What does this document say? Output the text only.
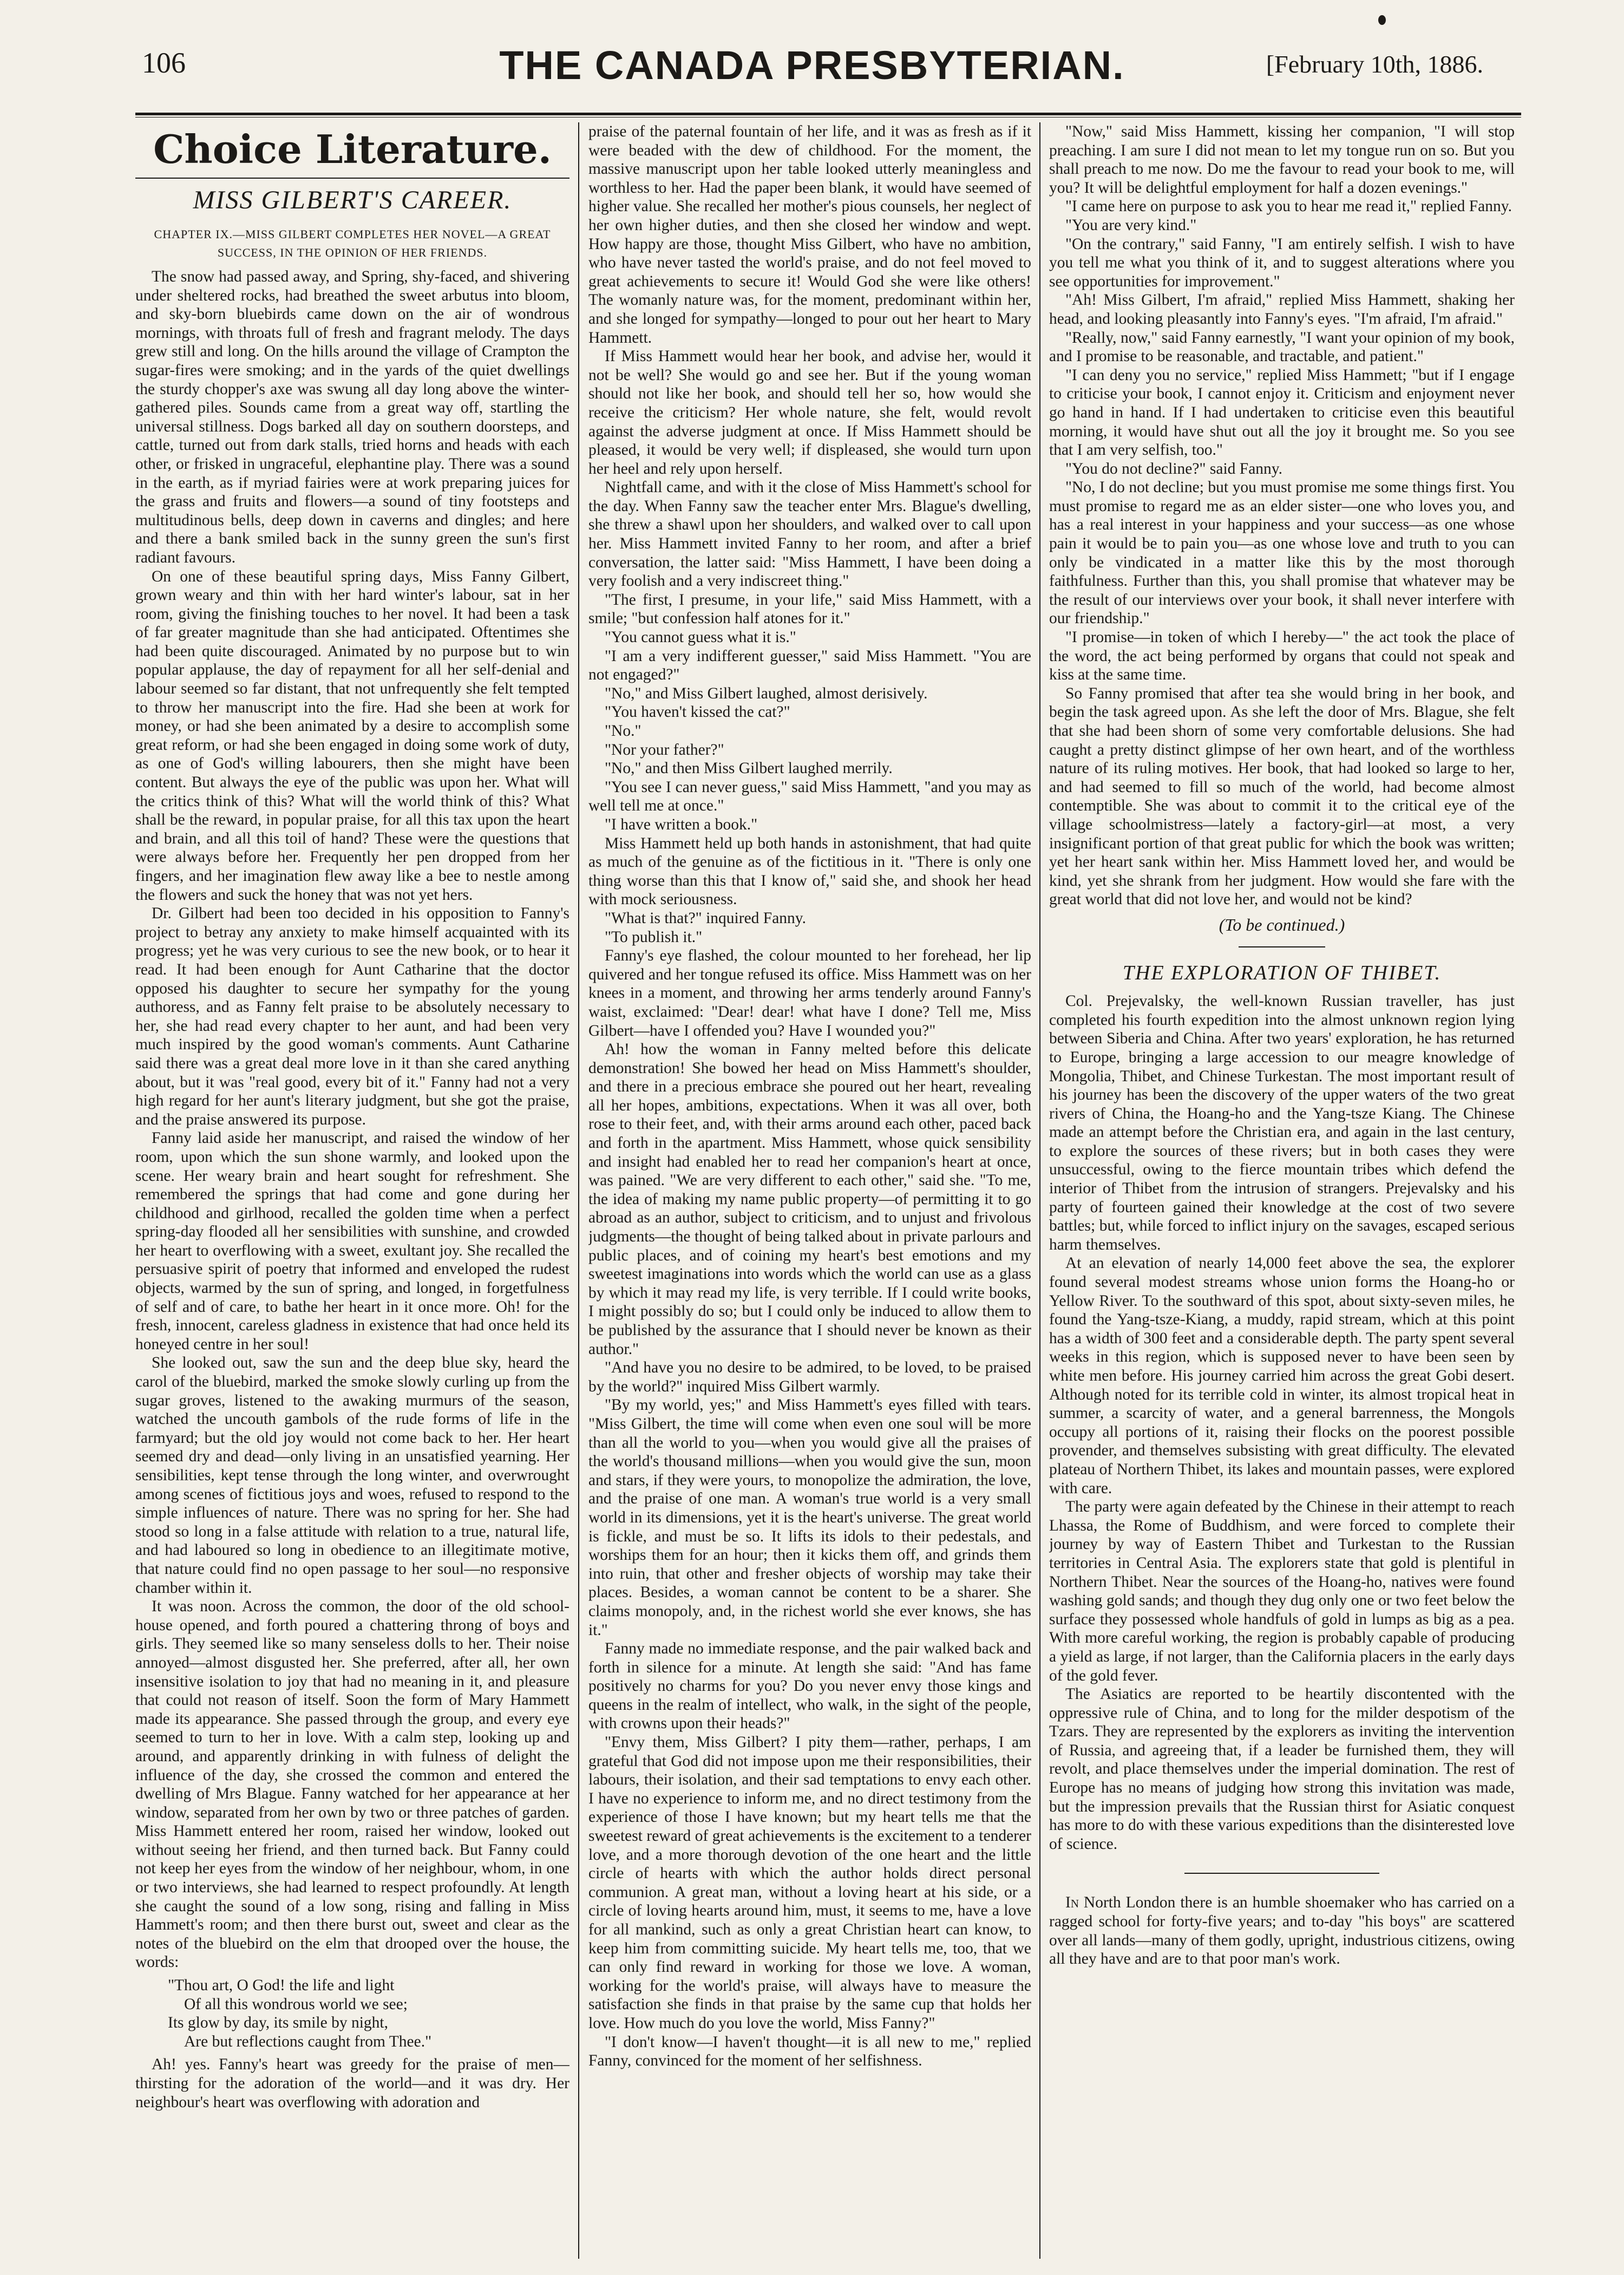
106	THE CANADA PRESBYTERIAN.	[February 10th, 1886.
Choice Literature.
MISS GILBERT'S CAREER.
CHAPTER IX.—MISS GILBERT COMPLETES HER NOVEL—A GREAT SUCCESS, IN THE OPINION OF HER FRIENDS.

The snow had passed away, and Spring, shy-faced, and shivering under sheltered rocks, had breathed the sweet arbutus into bloom, and sky-born bluebirds came down on the air of wondrous mornings, with throats full of fresh and fragrant melody. The days grew still and long. On the hills around the village of Crampton the sugar-fires were smoking; and in the yards of the quiet dwellings the sturdy chopper's axe was swung all day long above the winter-gathered piles. Sounds came from a great way off, startling the universal stillness. Dogs barked all day on southern doorsteps, and cattle, turned out from dark stalls, tried horns and heads with each other, or frisked in ungraceful, elephantine play. There was a sound in the earth, as if myriad fairies were at work preparing juices for the grass and fruits and flowers—a sound of tiny footsteps and multitudinous bells, deep down in caverns and dingles; and here and there a bank smiled back in the sunny green the sun's first radiant favours.

On one of these beautiful spring days, Miss Fanny Gilbert, grown weary and thin with her hard winter's labour, sat in her room, giving the finishing touches to her novel. It had been a task of far greater magnitude than she had anticipated. Oftentimes she had been quite discouraged. Animated by no purpose but to win popular applause, the day of repayment for all her self-denial and labour seemed so far distant, that not unfrequently she felt tempted to throw her manuscript into the fire. Had she been at work for money, or had she been animated by a desire to accomplish some great reform, or had she been engaged in doing some work of duty, as one of God's willing labourers, then she might have been content. But always the eye of the public was upon her. What will the critics think of this? What will the world think of this? What shall be the reward, in popular praise, for all this tax upon the heart and brain, and all this toil of hand? These were the questions that were always before her. Frequently her pen dropped from her fingers, and her imagination flew away like a bee to nestle among the flowers and suck the honey that was not yet hers.

Dr. Gilbert had been too decided in his opposition to Fanny's project to betray any anxiety to make himself acquainted with its progress; yet he was very curious to see the new book, or to hear it read. It had been enough for Aunt Catharine that the doctor opposed his daughter to secure her sympathy for the young authoress, and as Fanny felt praise to be absolutely necessary to her, she had read every chapter to her aunt, and had been very much inspired by the good woman's comments. Aunt Catharine said there was a great deal more love in it than she cared anything about, but it was "real good, every bit of it." Fanny had not a very high regard for her aunt's literary judgment, but she got the praise, and the praise answered its purpose.

Fanny laid aside her manuscript, and raised the window of her room, upon which the sun shone warmly, and looked upon the scene. Her weary brain and heart sought for refreshment. She remembered the springs that had come and gone during her childhood and girlhood, recalled the golden time when a perfect spring-day flooded all her sensibilities with sunshine, and crowded her heart to overflowing with a sweet, exultant joy. She recalled the persuasive spirit of poetry that informed and enveloped the rudest objects, warmed by the sun of spring, and longed, in forgetfulness of self and of care, to bathe her heart in it once more. Oh! for the fresh, innocent, careless gladness in existence that had once held its honeyed centre in her soul!

She looked out, saw the sun and the deep blue sky, heard the carol of the bluebird, marked the smoke slowly curling up from the sugar groves, listened to the awaking murmurs of the season, watched the uncouth gambols of the rude forms of life in the farmyard; but the old joy would not come back to her. Her heart seemed dry and dead—only living in an unsatisfied yearning. Her sensibilities, kept tense through the long winter, and overwrought among scenes of fictitious joys and woes, refused to respond to the simple influences of nature. There was no spring for her. She had stood so long in a false attitude with relation to a true, natural life, and had laboured so long in obedience to an illegitimate motive, that nature could find no open passage to her soul—no responsive chamber within it.

It was noon. Across the common, the door of the old school-house opened, and forth poured a chattering throng of boys and girls. They seemed like so many senseless dolls to her. Their noise annoyed—almost disgusted her. She preferred, after all, her own insensitive isolation to joy that had no meaning in it, and pleasure that could not reason of itself. Soon the form of Mary Hammett made its appearance. She passed through the group, and every eye seemed to turn to her in love. With a calm step, looking up and around, and apparently drinking in with fulness of delight the influence of the day, she crossed the common and entered the dwelling of Mrs Blague. Fanny watched for her appearance at her window, separated from her own by two or three patches of garden. Miss Hammett entered her room, raised her window, looked out without seeing her friend, and then turned back. But Fanny could not keep her eyes from the window of her neighbour, whom, in one or two interviews, she had learned to respect profoundly. At length she caught the sound of a low song, rising and falling in Miss Hammett's room; and then there burst out, sweet and clear as the notes of the bluebird on the elm that drooped over the house, the words:

"Thou art, O God! the life and light
Of all this wondrous world we see;
Its glow by day, its smile by night,
Are but reflections caught from Thee."

Ah! yes. Fanny's heart was greedy for the praise of men—thirsting for the adoration of the world—and it was dry. Her neighbour's heart was overflowing with adoration and

praise of the paternal fountain of her life, and it was as fresh as if it were beaded with the dew of childhood. For the moment, the massive manuscript upon her table looked utterly meaningless and worthless to her. Had the paper been blank, it would have seemed of higher value. She recalled her mother's pious counsels, her neglect of her own higher duties, and then she closed her window and wept. How happy are those, thought Miss Gilbert, who have no ambition, who have never tasted the world's praise, and do not feel moved to great achievements to secure it! Would God she were like others! The womanly nature was, for the moment, predominant within her, and she longed for sympathy—longed to pour out her heart to Mary Hammett.

If Miss Hammett would hear her book, and advise her, would it not be well? She would go and see her. But if the young woman should not like her book, and should tell her so, how would she receive the criticism? Her whole nature, she felt, would revolt against the adverse judgment at once. If Miss Hammett should be pleased, it would be very well; if displeased, she would turn upon her heel and rely upon herself.

Nightfall came, and with it the close of Miss Hammett's school for the day. When Fanny saw the teacher enter Mrs. Blague's dwelling, she threw a shawl upon her shoulders, and walked over to call upon her. Miss Hammett invited Fanny to her room, and after a brief conversation, the latter said: "Miss Hammett, I have been doing a very foolish and a very indiscreet thing."

"The first, I presume, in your life," said Miss Hammett, with a smile; "but confession half atones for it."

"You cannot guess what it is."

"I am a very indifferent guesser," said Miss Hammett. "You are not engaged?"

"No," and Miss Gilbert laughed, almost derisively.

"You haven't kissed the cat?"

"No."

"Nor your father?"

"No," and then Miss Gilbert laughed merrily.

"You see I can never guess," said Miss Hammett, "and you may as well tell me at once."

"I have written a book."

Miss Hammett held up both hands in astonishment, that had quite as much of the genuine as of the fictitious in it. "There is only one thing worse than this that I know of," said she, and shook her head with mock seriousness.

"What is that?" inquired Fanny.

"To publish it."

Fanny's eye flashed, the colour mounted to her forehead, her lip quivered and her tongue refused its office. Miss Hammett was on her knees in a moment, and throwing her arms tenderly around Fanny's waist, exclaimed: "Dear! dear! what have I done? Tell me, Miss Gilbert—have I offended you? Have I wounded you?"

Ah! how the woman in Fanny melted before this delicate demonstration! She bowed her head on Miss Hammett's shoulder, and there in a precious embrace she poured out her heart, revealing all her hopes, ambitions, expectations. When it was all over, both rose to their feet, and, with their arms around each other, paced back and forth in the apartment. Miss Hammett, whose quick sensibility and insight had enabled her to read her companion's heart at once, was pained. "We are very different to each other," said she. "To me, the idea of making my name public property—of permitting it to go abroad as an author, subject to criticism, and to unjust and frivolous judgments—the thought of being talked about in private parlours and public places, and of coining my heart's best emotions and my sweetest imaginations into words which the world can use as a glass by which it may read my life, is very terrible. If I could write books, I might possibly do so; but I could only be induced to allow them to be published by the assurance that I should never be known as their author."

"And have you no desire to be admired, to be loved, to be praised by the world?" inquired Miss Gilbert warmly.

"By my world, yes;" and Miss Hammett's eyes filled with tears. "Miss Gilbert, the time will come when even one soul will be more than all the world to you—when you would give all the praises of the world's thousand millions—when you would give the sun, moon and stars, if they were yours, to monopolize the admiration, the love, and the praise of one man. A woman's true world is a very small world in its dimensions, yet it is the heart's universe. The great world is fickle, and must be so. It lifts its idols to their pedestals, and worships them for an hour; then it kicks them off, and grinds them into ruin, that other and fresher objects of worship may take their places. Besides, a woman cannot be content to be a sharer. She claims monopoly, and, in the richest world she ever knows, she has it."

Fanny made no immediate response, and the pair walked back and forth in silence for a minute. At length she said: "And has fame positively no charms for you? Do you never envy those kings and queens in the realm of intellect, who walk, in the sight of the people, with crowns upon their heads?"

"Envy them, Miss Gilbert? I pity them—rather, perhaps, I am grateful that God did not impose upon me their responsibilities, their labours, their isolation, and their sad temptations to envy each other. I have no experience to inform me, and no direct testimony from the experience of those I have known; but my heart tells me that the sweetest reward of great achievements is the excitement to a tenderer love, and a more thorough devotion of the one heart and the little circle of hearts with which the author holds direct personal communion. A great man, without a loving heart at his side, or a circle of loving hearts around him, must, it seems to me, have a love for all mankind, such as only a great Christian heart can know, to keep him from committing suicide. My heart tells me, too, that we can only find reward in working for those we love. A woman, working for the world's praise, will always have to measure the satisfaction she finds in that praise by the same cup that holds her love. How much do you love the world, Miss Fanny?"

"I don't know—I haven't thought—it is all new to me," replied Fanny, convinced for the moment of her selfishness.

"Now," said Miss Hammett, kissing her companion, "I will stop preaching. I am sure I did not mean to let my tongue run on so. But you shall preach to me now. Do me the favour to read your book to me, will you? It will be delightful employment for half a dozen evenings."

"I came here on purpose to ask you to hear me read it," replied Fanny.

"You are very kind."

"On the contrary," said Fanny, "I am entirely selfish. I wish to have you tell me what you think of it, and to suggest alterations where you see opportunities for improvement."

"Ah! Miss Gilbert, I'm afraid," replied Miss Hammett, shaking her head, and looking pleasantly into Fanny's eyes. "I'm afraid, I'm afraid."

"Really, now," said Fanny earnestly, "I want your opinion of my book, and I promise to be reasonable, and tractable, and patient."

"I can deny you no service," replied Miss Hammett; "but if I engage to criticise your book, I cannot enjoy it. Criticism and enjoyment never go hand in hand. If I had undertaken to criticise even this beautiful morning, it would have shut out all the joy it brought me. So you see that I am very selfish, too."

"You do not decline?" said Fanny.

"No, I do not decline; but you must promise me some things first. You must promise to regard me as an elder sister—one who loves you, and has a real interest in your happiness and your success—as one whose pain it would be to pain you—as one whose love and truth to you can only be vindicated in a matter like this by the most thorough faithfulness. Further than this, you shall promise that whatever may be the result of our interviews over your book, it shall never interfere with our friendship."

"I promise—in token of which I hereby—" the act took the place of the word, the act being performed by organs that could not speak and kiss at the same time.

So Fanny promised that after tea she would bring in her book, and begin the task agreed upon. As she left the door of Mrs. Blague, she felt that she had been shorn of some very comfortable delusions. She had caught a pretty distinct glimpse of her own heart, and of the worthless nature of its ruling motives. Her book, that had looked so large to her, and had seemed to fill so much of the world, had become almost contemptible. She was about to commit it to the critical eye of the village schoolmistress—lately a factory-girl—at most, a very insignificant portion of that great public for which the book was written; yet her heart sank within her. Miss Hammett loved her, and would be kind, yet she shrank from her judgment. How would she fare with the great world that did not love her, and would not be kind?

(To be continued.)
THE EXPLORATION OF THIBET.

Col. Prejevalsky, the well-known Russian traveller, has just completed his fourth expedition into the almost unknown region lying between Siberia and China. After two years' exploration, he has returned to Europe, bringing a large accession to our meagre knowledge of Mongolia, Thibet, and Chinese Turkestan. The most important result of his journey has been the discovery of the upper waters of the two great rivers of China, the Hoang-ho and the Yang-tsze Kiang. The Chinese made an attempt before the Christian era, and again in the last century, to explore the sources of these rivers; but in both cases they were unsuccessful, owing to the fierce mountain tribes which defend the interior of Thibet from the intrusion of strangers. Prejevalsky and his party of fourteen gained their knowledge at the cost of two severe battles; but, while forced to inflict injury on the savages, escaped serious harm themselves.

At an elevation of nearly 14,000 feet above the sea, the explorer found several modest streams whose union forms the Hoang-ho or Yellow River. To the southward of this spot, about sixty-seven miles, he found the Yang-tsze-Kiang, a muddy, rapid stream, which at this point has a width of 300 feet and a considerable depth. The party spent several weeks in this region, which is supposed never to have been seen by white men before. His journey carried him across the great Gobi desert. Although noted for its terrible cold in winter, its almost tropical heat in summer, a scarcity of water, and a general barrenness, the Mongols occupy all portions of it, raising their flocks on the poorest possible provender, and themselves subsisting with great difficulty. The elevated plateau of Northern Thibet, its lakes and mountain passes, were explored with care.

The party were again defeated by the Chinese in their attempt to reach Lhassa, the Rome of Buddhism, and were forced to complete their journey by way of Eastern Thibet and Turkestan to the Russian territories in Central Asia. The explorers state that gold is plentiful in Northern Thibet. Near the sources of the Hoang-ho, natives were found washing gold sands; and though they dug only one or two feet below the surface they possessed whole handfuls of gold in lumps as big as a pea. With more careful working, the region is probably capable of producing a yield as large, if not larger, than the California placers in the early days of the gold fever.

The Asiatics are reported to be heartily discontented with the oppressive rule of China, and to long for the milder despotism of the Tzars. They are represented by the explorers as inviting the intervention of Russia, and agreeing that, if a leader be furnished them, they will revolt, and place themselves under the imperial domination. The rest of Europe has no means of judging how strong this invitation was made, but the impression prevails that the Russian thirst for Asiatic conquest has more to do with these various expeditions than the disinterested love of science.

In North London there is an humble shoemaker who has carried on a ragged school for forty-five years; and to-day "his boys" are scattered over all lands—many of them godly, upright, industrious citizens, owing all they have and are to that poor man's work.
